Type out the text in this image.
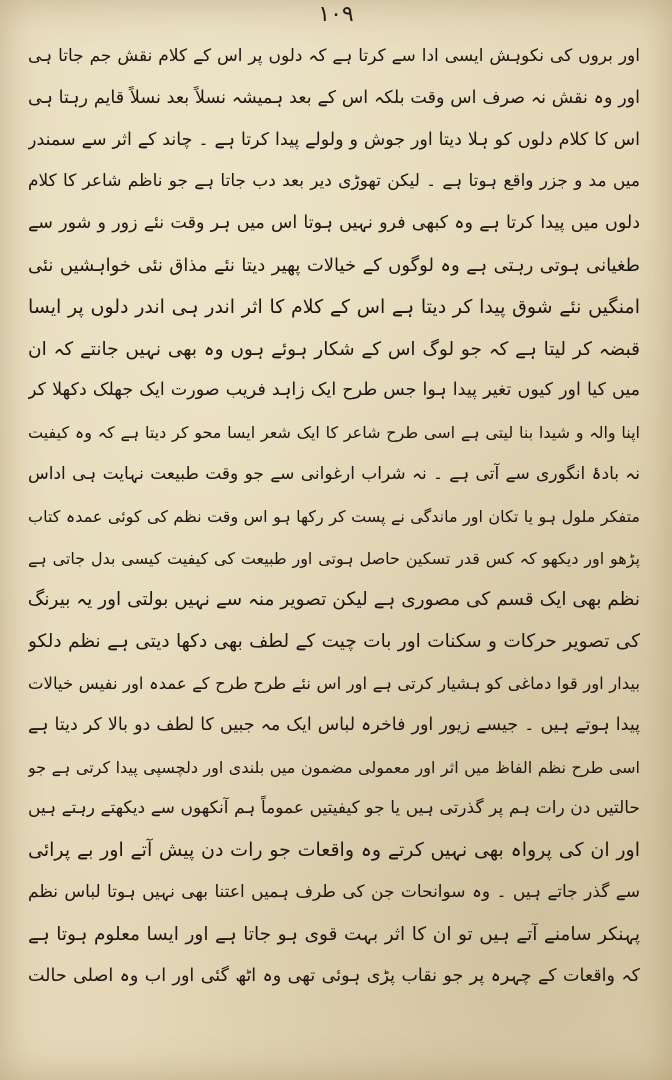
۱۰۹
اور بروں کی نکوہش ایسی ادا سے کرتا ہے کہ دلوں پر اس کے کلام نقش جم جاتا ہی
اور وہ نقش نہ صرف اس وقت بلکہ اس کے بعد ہمیشہ نسلاً بعد نسلاً قایم رہتا ہی
اس کا کلام دلوں کو ہلا دیتا اور جوش و ولولے پیدا کرتا ہے ۔ چاند کے اثر سے سمندر
میں مد و جزر واقع ہوتا ہے ۔ لیکن تھوڑی دیر بعد دب جاتا ہے جو ناظم شاعر کا کلام
دلوں میں پیدا کرتا ہے وہ کبھی فرو نہیں ہوتا اس میں ہر وقت نئے زور و شور سے
طغیانی ہوتی رہتی ہے وہ لوگوں کے خیالات پھیر دیتا نئے مذاق نئی خواہشیں نئی
امنگیں نئے شوق پیدا کر دیتا ہے اس کے کلام کا اثر اندر ہی اندر دلوں پر ایسا
قبضہ کر لیتا ہے کہ جو لوگ اس کے شکار ہوئے ہوں وہ بھی نہیں جانتے کہ ان
میں کیا اور کیوں تغیر پیدا ہوا جس طرح ایک زاہد فریب صورت ایک جھلک دکھلا کر
اپنا والہ و شیدا بنا لیتی ہے اسی طرح شاعر کا ایک شعر ایسا محو کر دیتا ہے کہ وہ کیفیت
نہ بادۂ انگوری سے آتی ہے ۔ نہ شراب ارغوانی سے جو وقت طبیعت نہایت ہی اداس
متفکر ملول ہو یا تکان اور ماندگی نے پست کر رکھا ہو اس وقت نظم کی کوئی عمدہ کتاب
پڑھو اور دیکھو کہ کس قدر تسکین حاصل ہوتی اور طبیعت کی کیفیت کیسی بدل جاتی ہے
نظم بھی ایک قسم کی مصوری ہے لیکن تصویر منہ سے نہیں بولتی اور یہ بیرنگ
کی تصویر حرکات و سکنات اور بات چیت کے لطف بھی دکھا دیتی ہے نظم دلکو
بیدار اور قوا دماغی کو ہشیار کرتی ہے اور اس نئے طرح طرح کے عمدہ اور نفیس خیالات
پیدا ہوتے ہیں ۔ جیسے زیور اور فاخرہ لباس ایک مہ جبیں کا لطف دو بالا کر دیتا ہے
اسی طرح نظم الفاظ میں اثر اور معمولی مضمون میں بلندی اور دلچسپی پیدا کرتی ہے جو
حالتیں دن رات ہم پر گذرتی ہیں یا جو کیفیتیں عموماً ہم آنکھوں سے دیکھتے رہتے ہیں
اور ان کی پرواہ بھی نہیں کرتے وہ واقعات جو رات دن پیش آتے اور بے پرائی
سے گذر جاتے ہیں ۔ وہ سوانحات جن کی طرف ہمیں اعتنا بھی نہیں ہوتا لباس نظم
پہنکر سامنے آتے ہیں تو ان کا اثر بہت قوی ہو جاتا ہے اور ایسا معلوم ہوتا ہے
کہ واقعات کے چہرہ پر جو نقاب پڑی ہوئی تھی وہ اٹھ گئی اور اب وہ اصلی حالت
